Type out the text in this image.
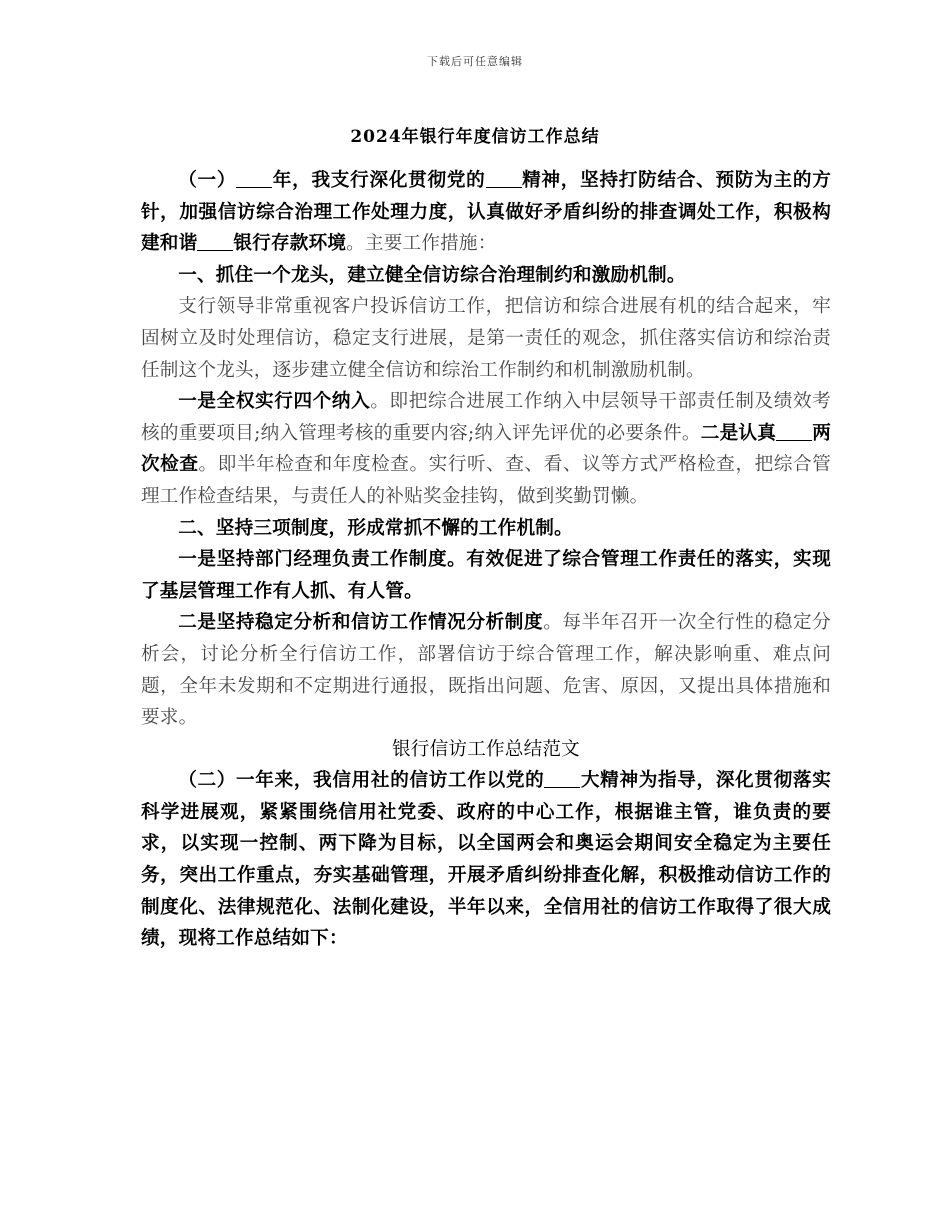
下载后可任意编辑
2024年银行年度信访工作总结

（一） 年，我支行深化贯彻党的 精神，坚持打防结合、预防为主的方针，加强信访综合治理工作处理力度，认真做好矛盾纠纷的排查调处工作，积极构建和谐 银行存款环境。主要工作措施：

一、抓住一个龙头，建立健全信访综合治理制约和激励机制。

支行领导非常重视客户投诉信访工作，把信访和综合进展有机的结合起来，牢固树立及时处理信访，稳定支行进展，是第一责任的观念，抓住落实信访和综治责任制这个龙头，逐步建立健全信访和综治工作制约和机制激励机制。

一是全权实行四个纳入。即把综合进展工作纳入中层领导干部责任制及绩效考核的重要项目;纳入管理考核的重要内容;纳入评先评优的必要条件。二是认真 两次检查。即半年检查和年度检查。实行听、查、看、议等方式严格检查，把综合管理工作检查结果，与责任人的补贴奖金挂钩，做到奖勤罚懒。

二、坚持三项制度，形成常抓不懈的工作机制。

一是坚持部门经理负责工作制度。有效促进了综合管理工作责任的落实，实现了基层管理工作有人抓、有人管。

二是坚持稳定分析和信访工作情况分析制度。每半年召开一次全行性的稳定分析会，讨论分析全行信访工作，部署信访于综合管理工作，解决影响重、难点问题，全年未发期和不定期进行通报，既指出问题、危害、原因，又提出具体措施和要求。

银行信访工作总结范文

（二）一年来，我信用社的信访工作以党的 大精神为指导，深化贯彻落实科学进展观，紧紧围绕信用社党委、政府的中心工作，根据谁主管，谁负责的要求，以实现一控制、两下降为目标，以全国两会和奥运会期间安全稳定为主要任务，突出工作重点，夯实基础管理，开展矛盾纠纷排查化解，积极推动信访工作的制度化、法律规范化、法制化建设，半年以来，全信用社的信访工作取得了很大成绩，现将工作总结如下：
